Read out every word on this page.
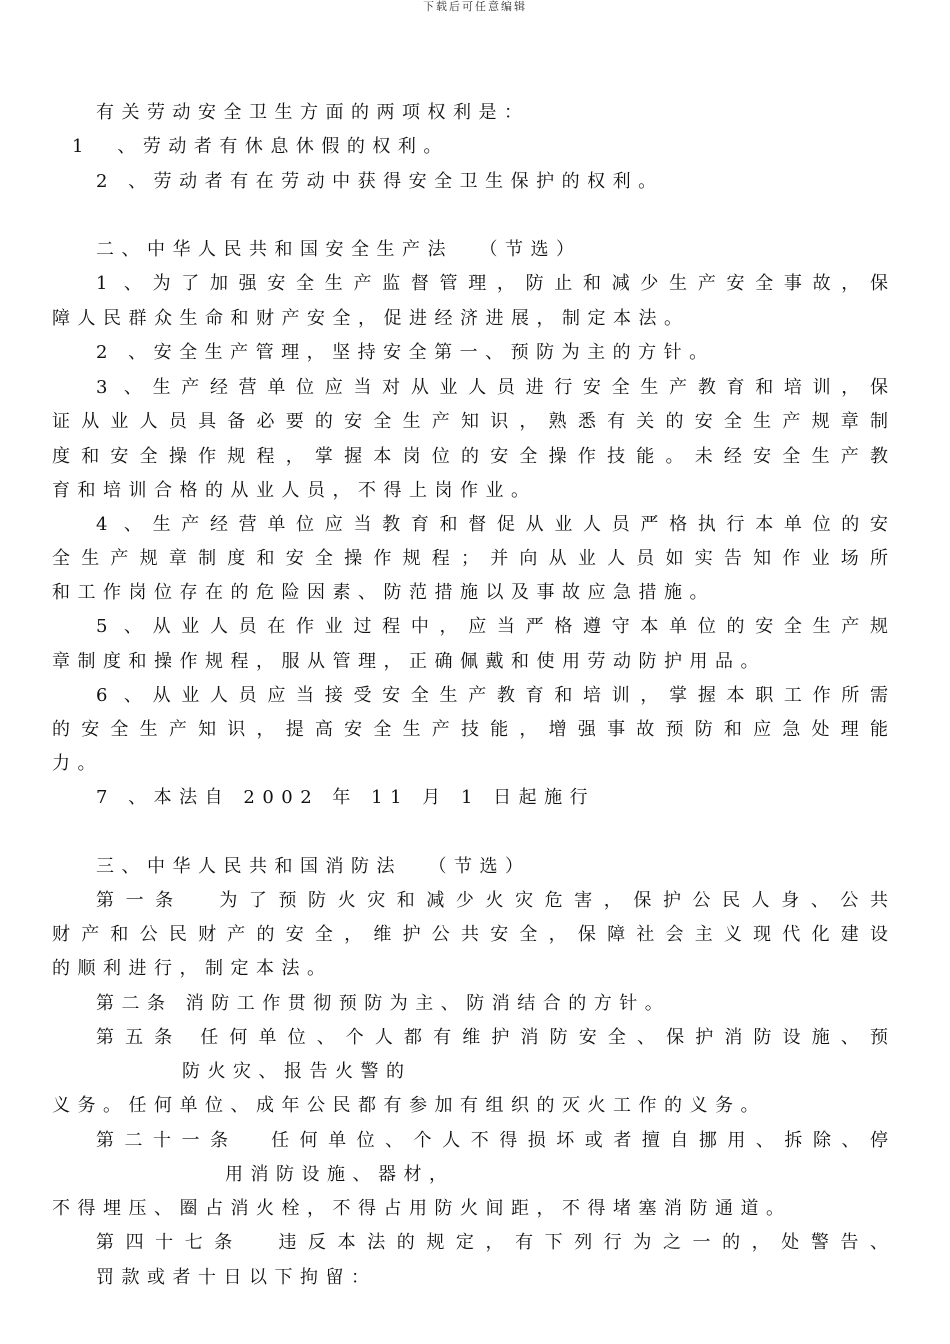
下载后可任意编辑

有关劳动安全卫生方面的两项权利是：

1  、劳动者有休息休假的权利。

2 、劳动者有在劳动中获得安全卫生保护的权利。

二、中华人民共和国安全生产法  （节选）

1 、为了加强安全生产监督管理，防止和减少生产安全事故，保

障人民群众生命和财产安全，促进经济进展，制定本法。

2 、安全生产管理，坚持安全第一、预防为主的方针。

3 、生产经营单位应当对从业人员进行安全生产教育和培训，保

证从业人员具备必要的安全生产知识，熟悉有关的安全生产规章制

度和安全操作规程，掌握本岗位的安全操作技能。未经安全生产教

育和培训合格的从业人员，不得上岗作业。

4 、生产经营单位应当教育和督促从业人员严格执行本单位的安

全生产规章制度和安全操作规程；并向从业人员如实告知作业场所

和工作岗位存在的危险因素、防范措施以及事故应急措施。

5 、从业人员在作业过程中，应当严格遵守本单位的安全生产规

章制度和操作规程，服从管理，正确佩戴和使用劳动防护用品。

6 、从业人员应当接受安全生产教育和培训，掌握本职工作所需

的安全生产知识，提高安全生产技能，增强事故预防和应急处理能

力。

7 、本法自 2002 年 11 月 1 日起施行

三、中华人民共和国消防法  （节选）

第一条  为了预防火灾和减少火灾危害，保护公民人身、公共

财产和公民财产的安全，维护公共安全，保障社会主义现代化建设

的顺利进行，制定本法。

第二条 消防工作贯彻预防为主、防消结合的方针。

第五条 任何单位、个人都有维护消防安全、保护消防设施、预

防火灾、报告火警的

义务。任何单位、成年公民都有参加有组织的灭火工作的义务。

第二十一条  任何单位、个人不得损坏或者擅自挪用、拆除、停

用消防设施、器材，

不得埋压、圈占消火栓，不得占用防火间距，不得堵塞消防通道。

第四十七条  违反本法的规定，有下列行为之一的，处警告、

罚款或者十日以下拘留：
